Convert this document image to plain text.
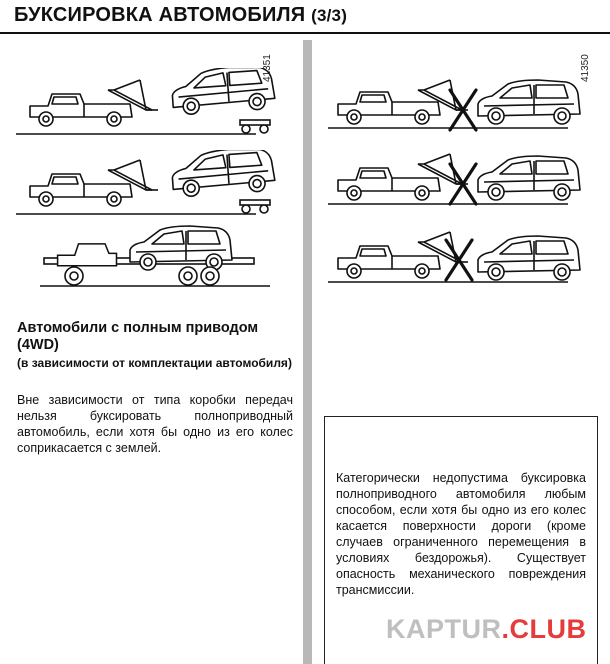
БУКСИРОВКА АВТОМОБИЛЯ (3/3)
41351	41350
Автомобили с полным приводом (4WD)
(в зависимости от комплектации автомобиля)
Вне зависимости от типа коробки передач нельзя буксировать полноприводный автомобиль, если хотя бы одно из его колес соприкасается с землей.
Категорически недопустима буксировка полноприводного автомобиля любым способом, если хотя бы одно из его колес касается поверхности дороги (кроме случаев ограниченного перемещения в условиях бездорожья). Существует опасность механического повреждения трансмиссии.
KAPTUR.CLUB
